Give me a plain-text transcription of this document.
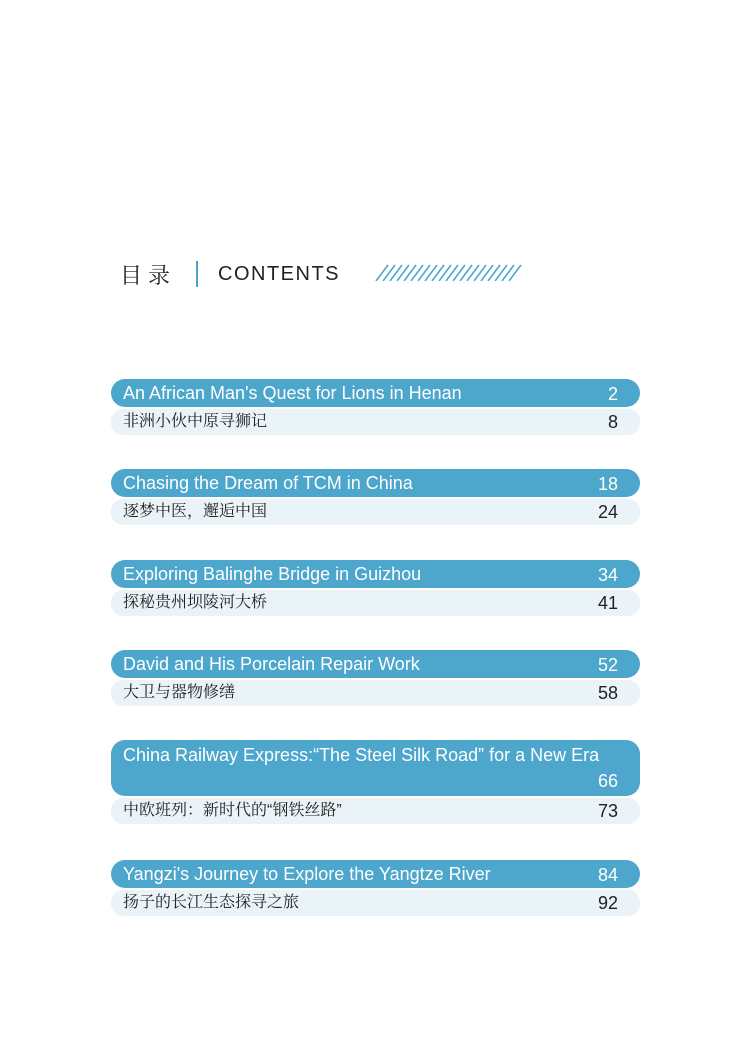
目录 CONTENTS
An African Man's Quest for Lions in Henan	2
非洲小伙中原寻狮记	8
Chasing the Dream of TCM in China	18
逐梦中医，邂逅中国	24
Exploring Balinghe Bridge in Guizhou	34
探秘贵州坝陵河大桥	41
David and His Porcelain Repair Work	52
大卫与器物修缮	58
China Railway Express:“The Steel Silk Road” for a New Era
66
中欧班列：新时代的“钢铁丝路”	73
Yangzi's Journey to Explore the Yangtze River	84
扬子的长江生态探寻之旅	92
